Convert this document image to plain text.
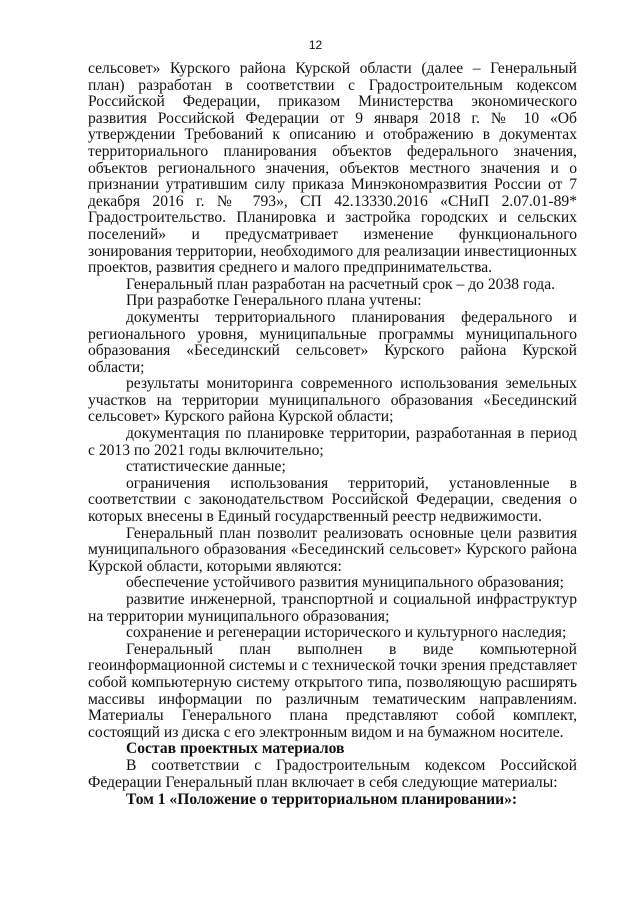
12

сельсовет» Курского района Курской области (далее – Генеральный план) разработан в соответствии с Градостроительным кодексом Российской Федерации, приказом Министерства экономического развития Российской Федерации от 9 января 2018 г. № 10 «Об утверждении Требований к описанию и отображению в документах территориального планирования объектов федерального значения, объектов регионального значения, объектов местного значения и о признании утратившим силу приказа Минэкономразвития России от 7 декабря 2016 г. № 793», СП 42.13330.2016 «СНиП 2.07.01-89* Градостроительство. Планировка и застройка городских и сельских поселений» и предусматривает изменение функционального зонирования территории, необходимого для реализации инвестиционных проектов, развития среднего и малого предпринимательства.

Генеральный план разработан на расчетный срок – до 2038 года.

При разработке Генерального плана учтены:

документы территориального планирования федерального и регионального уровня, муниципальные программы муниципального образования «Бесединский сельсовет» Курского района Курской области;

результаты мониторинга современного использования земельных участков на территории муниципального образования «Бесединский сельсовет» Курского района Курской области;

документация по планировке территории, разработанная в период с 2013 по 2021 годы включительно;

статистические данные;

ограничения использования территорий, установленные в соответствии с законодательством Российской Федерации, сведения о которых внесены в Единый государственный реестр недвижимости.

Генеральный план позволит реализовать основные цели развития муниципального образования «Бесединский сельсовет» Курского района Курской области, которыми являются:

обеспечение устойчивого развития муниципального образования;

развитие инженерной, транспортной и социальной инфраструктур на территории муниципального образования;

сохранение и регенерации исторического и культурного наследия;

Генеральный план выполнен в виде компьютерной геоинформационной системы и с технической точки зрения представляет собой компьютерную систему открытого типа, позволяющую расширять массивы информации по различным тематическим направлениям. Материалы Генерального плана представляют собой комплект, состоящий из диска с его электронным видом и на бумажном носителе.

Состав проектных материалов

В соответствии с Градостроительным кодексом Российской Федерации Генеральный план включает в себя следующие материалы:

Том 1 «Положение о территориальном планировании»:
